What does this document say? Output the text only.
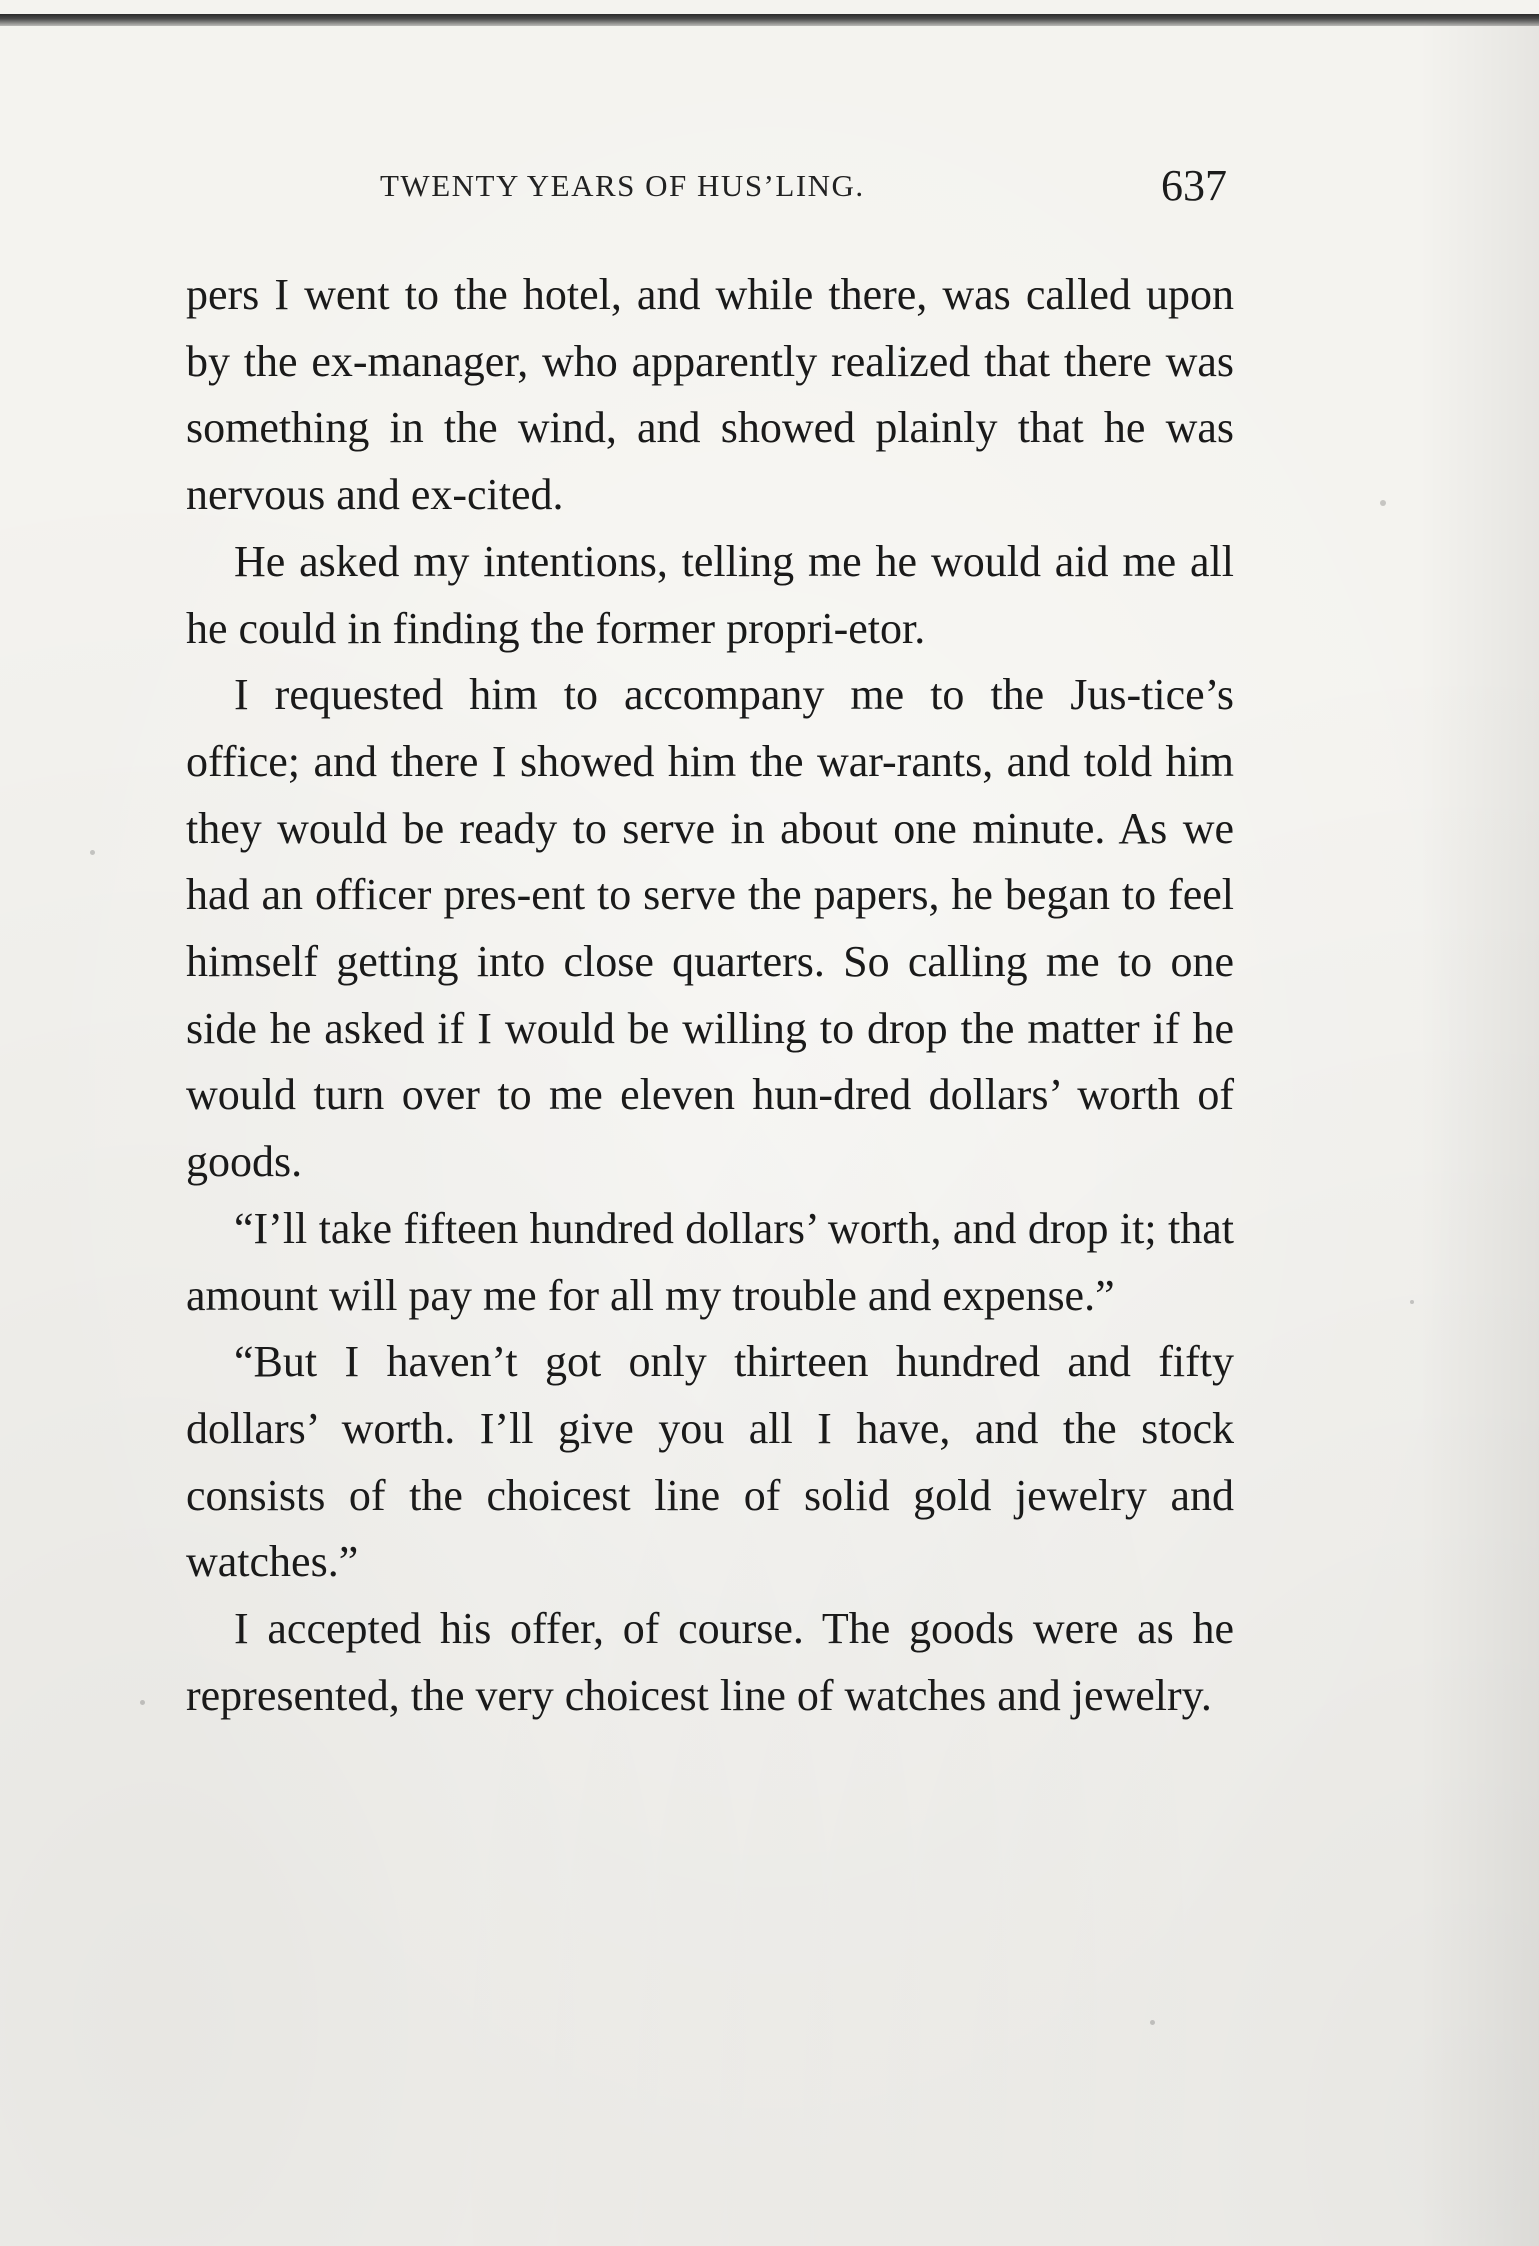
TWENTY YEARS OF HUS’LING.	637

pers I went to the hotel, and while there, was called upon by the ex-manager, who apparently realized that there was something in the wind, and showed plainly that he was nervous and ex-cited.

He asked my intentions, telling me he would aid me all he could in finding the former propri-etor.

I requested him to accompany me to the Jus-tice’s office; and there I showed him the war-rants, and told him they would be ready to serve in about one minute. As we had an officer pres-ent to serve the papers, he began to feel himself getting into close quarters. So calling me to one side he asked if I would be willing to drop the matter if he would turn over to me eleven hun-dred dollars’ worth of goods.

“I’ll take fifteen hundred dollars’ worth, and drop it; that amount will pay me for all my trouble and expense.”

“But I haven’t got only thirteen hundred and fifty dollars’ worth. I’ll give you all I have, and the stock consists of the choicest line of solid gold jewelry and watches.”

I accepted his offer, of course. The goods were as he represented, the very choicest line of watches and jewelry.
